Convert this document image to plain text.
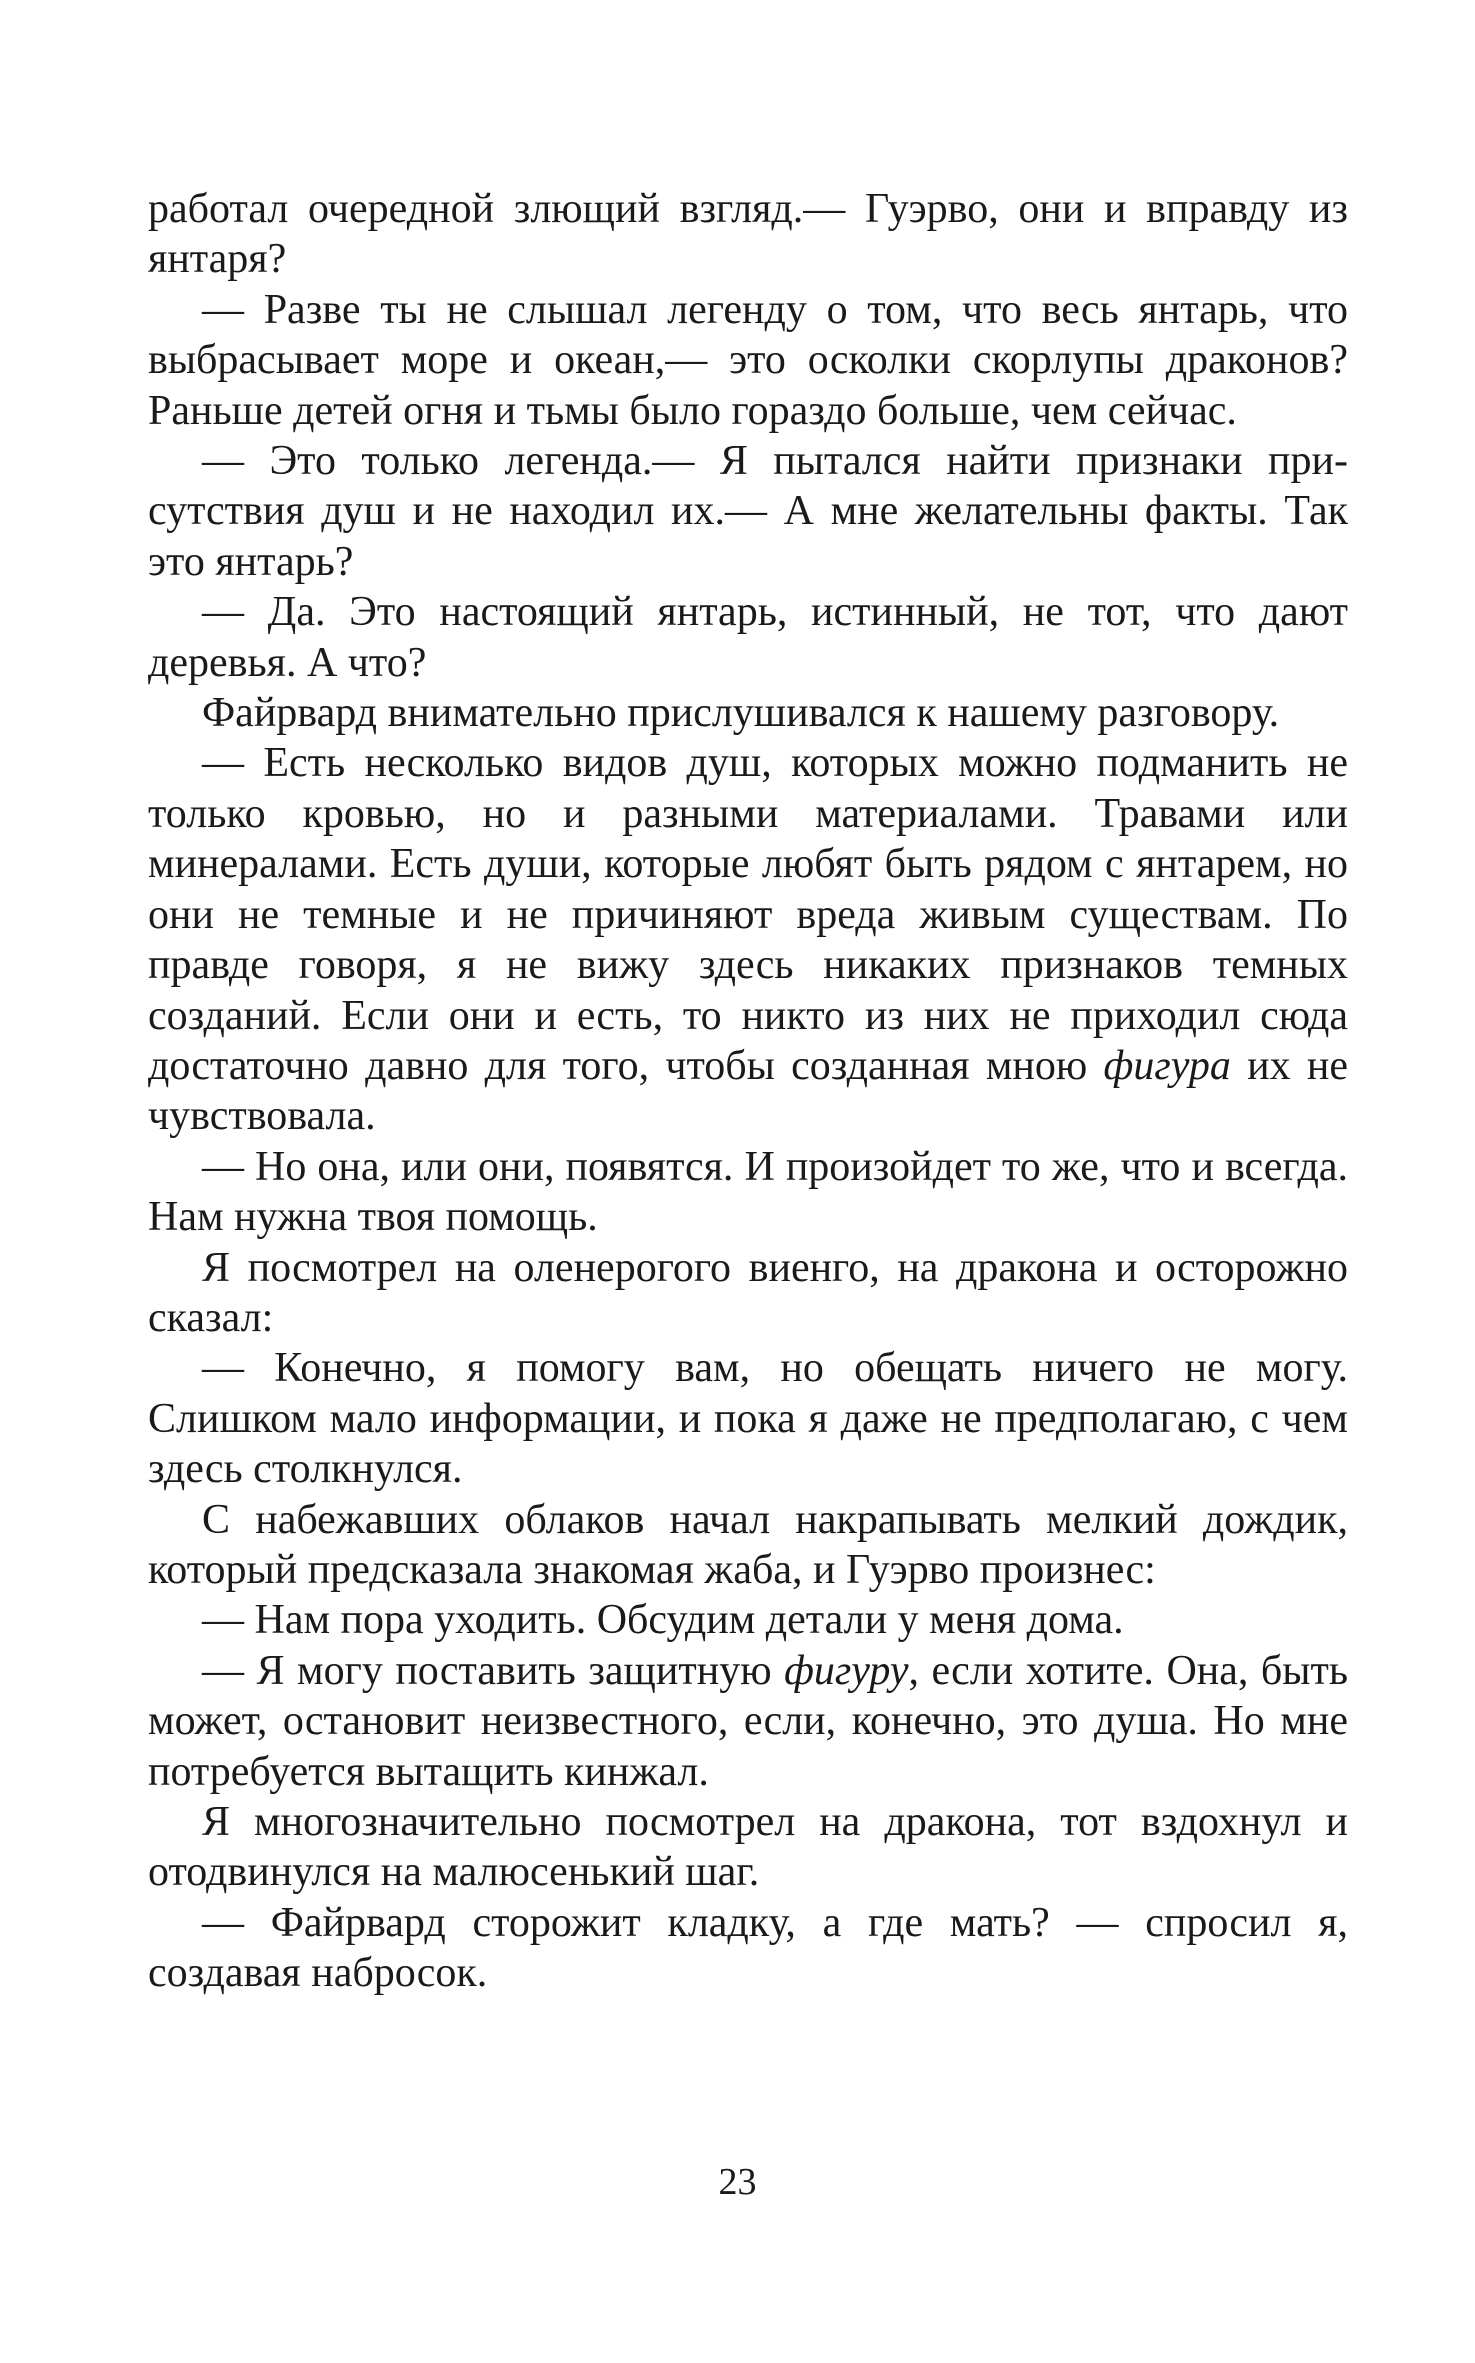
работал очередной злющий взгляд.— Гуэрво, они и вправду из янтаря?

— Разве ты не слышал легенду о том, что весь янтарь, что выбрасывает море и океан,— это осколки скорлупы драконов? Раньше детей огня и тьмы было гораздо больше, чем сейчас.

— Это только легенда.— Я пытался найти признаки присутствия душ и не находил их.— А мне желательны факты. Так это янтарь?

— Да. Это настоящий янтарь, истинный, не тот, что дают деревья. А что?

Файрвард внимательно прислушивался к нашему разговору.

— Есть несколько видов душ, которых можно подманить не только кровью, но и разными материалами. Травами или минералами. Есть души, которые любят быть рядом с янтарем, но они не темные и не причиняют вреда живым существам. По правде говоря, я не вижу здесь никаких признаков темных созданий. Если они и есть, то никто из них не приходил сюда достаточно давно для того, чтобы созданная мною фигура их не чувствовала.

— Но она, или они, появятся. И произойдет то же, что и всегда. Нам нужна твоя помощь.

Я посмотрел на оленерогого виенго, на дракона и осторожно сказал:

— Конечно, я помогу вам, но обещать ничего не могу. Слишком мало информации, и пока я даже не предполагаю, с чем здесь столкнулся.

С набежавших облаков начал накрапывать мелкий дождик, который предсказала знакомая жаба, и Гуэрво произнес:

— Нам пора уходить. Обсудим детали у меня дома.

— Я могу поставить защитную фигуру, если хотите. Она, быть может, остановит неизвестного, если, конечно, это душа. Но мне потребуется вытащить кинжал.

Я многозначительно посмотрел на дракона, тот вздохнул и отодвинулся на малюсенький шаг.

— Файрвард сторожит кладку, а где мать? — спросил я, создавая набросок.

23
